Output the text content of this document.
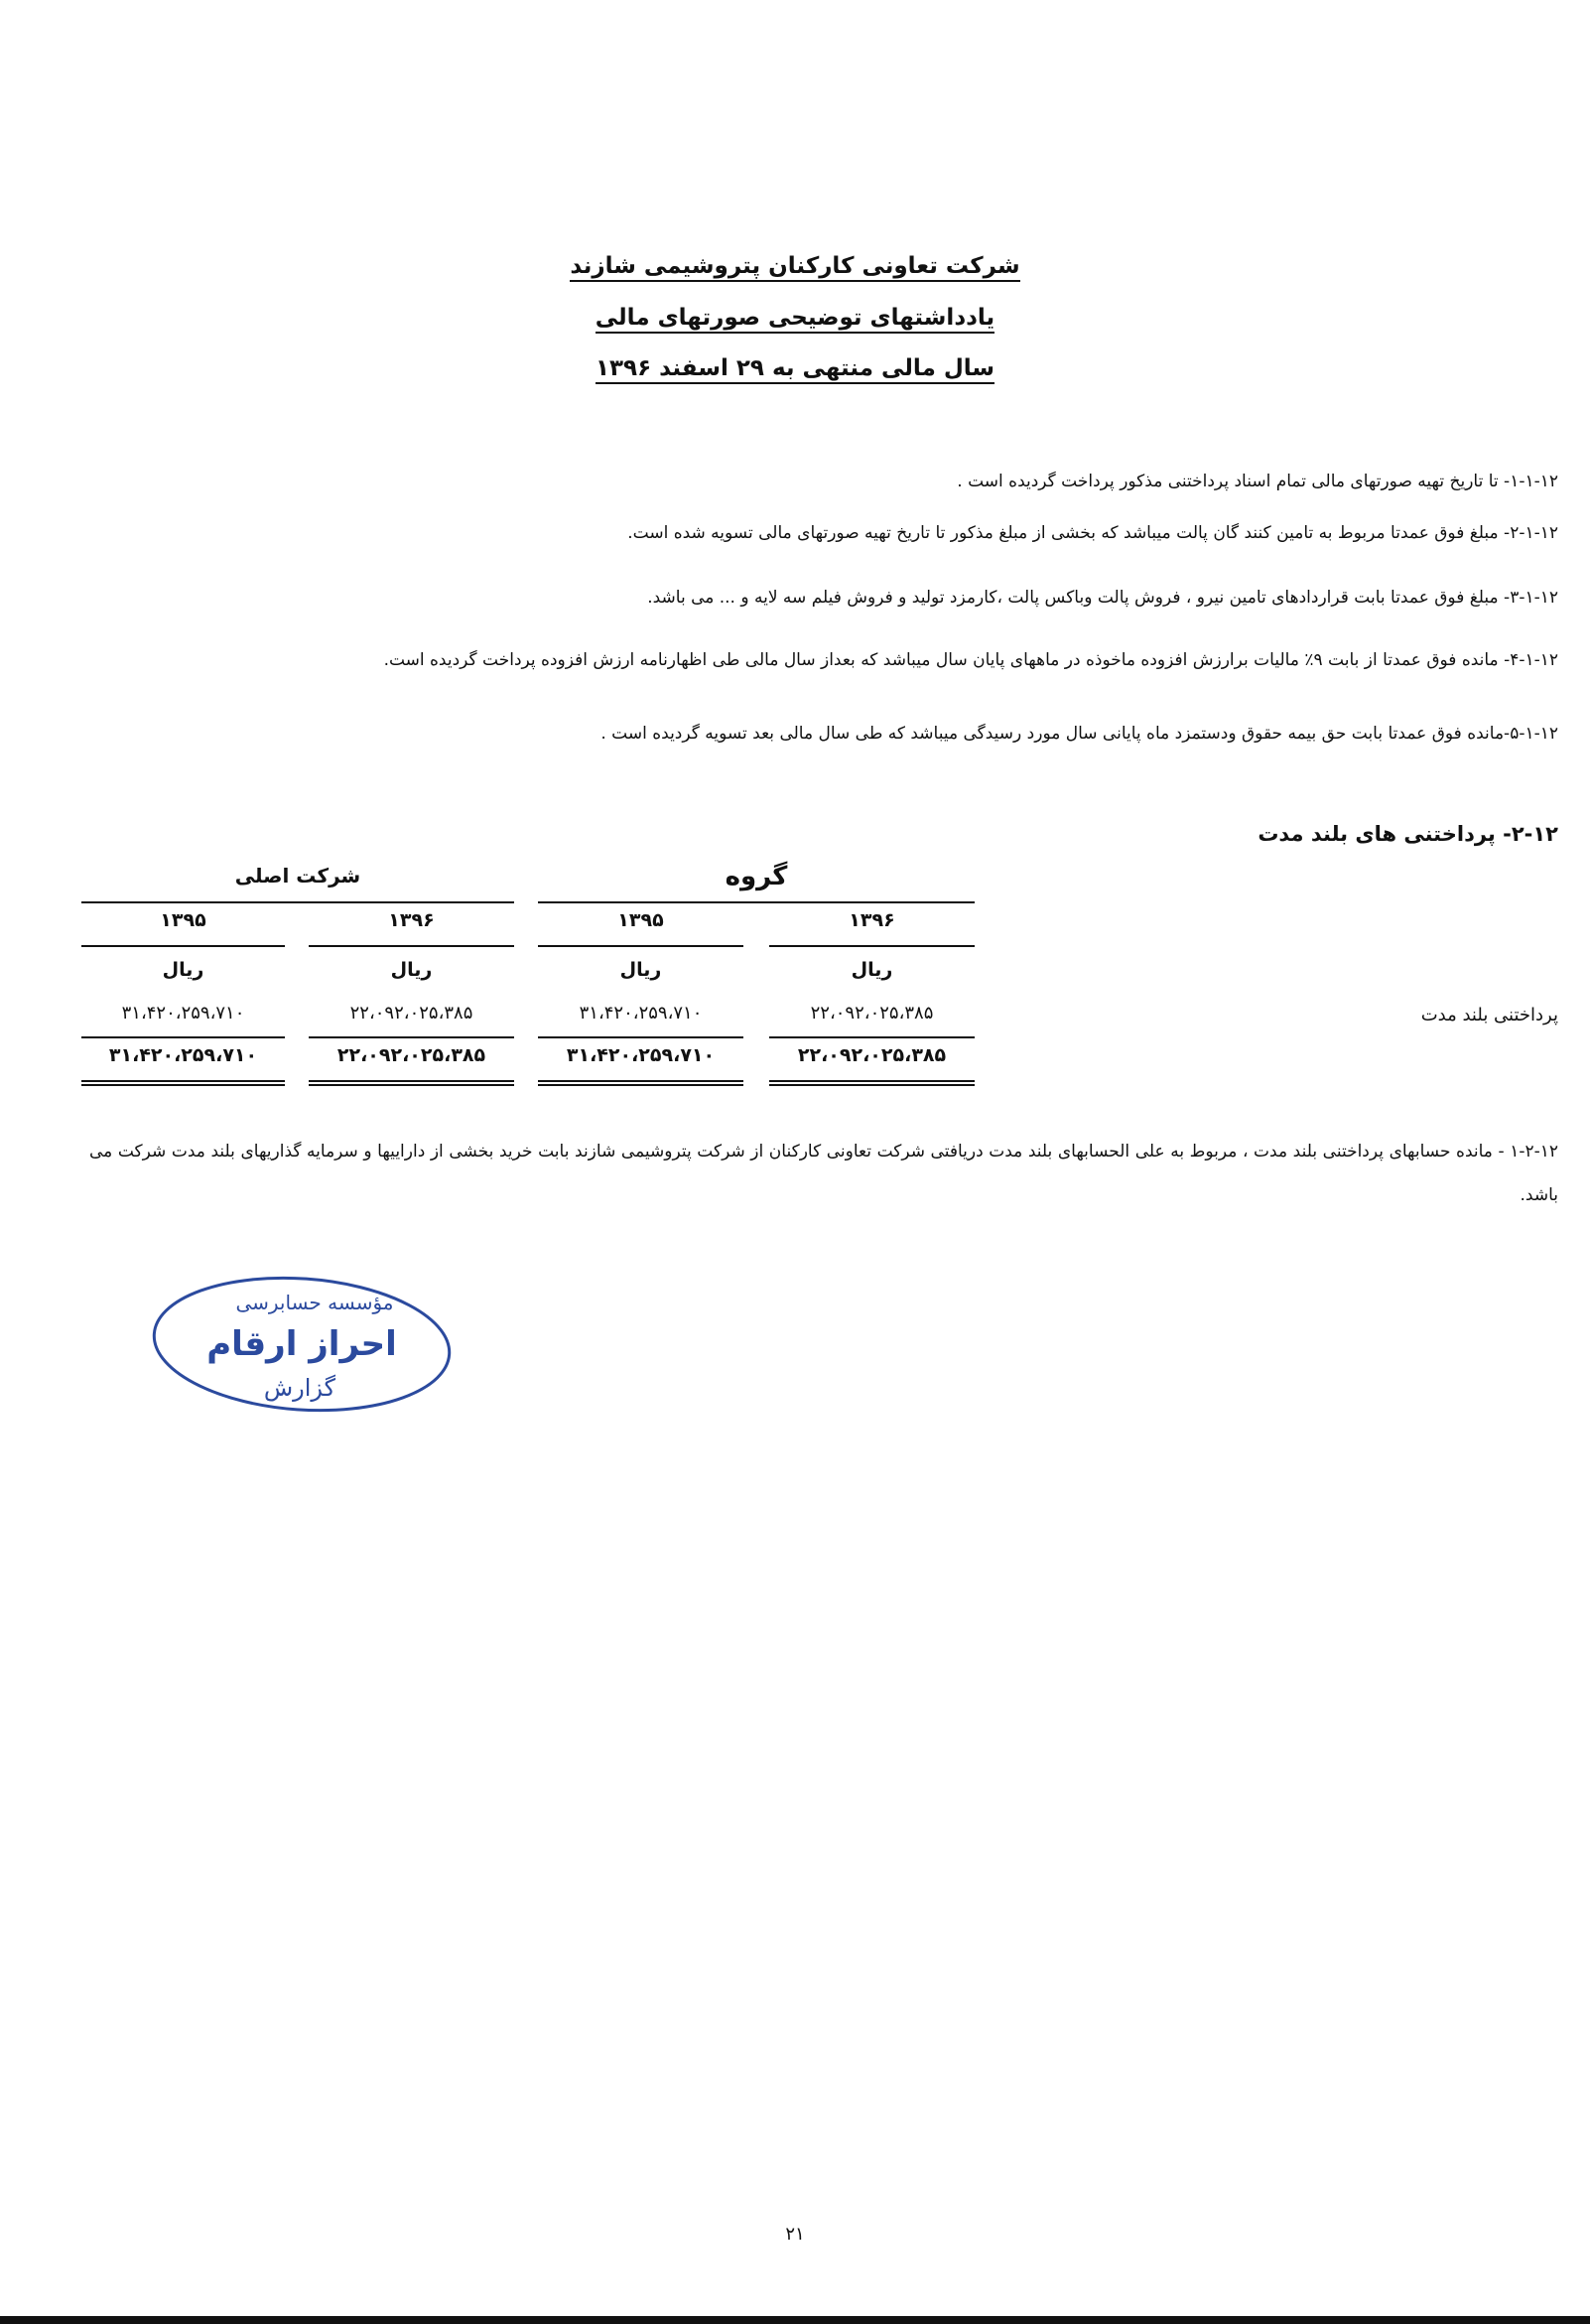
شرکت تعاونی کارکنان پتروشیمی شازند
یادداشتهای توضیحی صورتهای مالی
سال مالی منتهی به ۲۹ اسفند ۱۳۹۶
۱-۱-۱۲- تا تاریخ تهیه صورتهای مالی تمام اسناد پرداختنی مذکور پرداخت گردیده است .
۲-۱-۱۲- مبلغ فوق عمدتا مربوط به تامین کنند گان پالت میباشد که بخشی از مبلغ مذکور تا تاریخ تهیه صورتهای مالی تسویه شده است.
۳-۱-۱۲- مبلغ فوق عمدتا بابت قراردادهای تامین نیرو ، فروش پالت وباکس پالت ،کارمزد تولید و فروش فیلم سه لایه و ... می باشد.
۴-۱-۱۲- مانده فوق عمدتا از بابت ۹٪ مالیات برارزش افزوده ماخوذه در ماههای پایان سال میباشد که بعداز سال مالی طی اظهارنامه ارزش افزوده پرداخت گردیده است.
۵-۱-۱۲-مانده فوق عمدتا بابت حق بیمه حقوق ودستمزد ماه پایانی سال مورد رسیدگی میباشد که طی سال مالی بعد تسویه گردیده است .
۲-۱۲- پرداختنی های بلند مدت
گروه
شرکت اصلی
۱۳۹۶
۱۳۹۵
۱۳۹۶
۱۳۹۵
ریال
ریال
ریال
ریال
پرداختنی بلند مدت
۲۲،۰۹۲،۰۲۵،۳۸۵
۳۱،۴۲۰،۲۵۹،۷۱۰
۲۲،۰۹۲،۰۲۵،۳۸۵
۳۱،۴۲۰،۲۵۹،۷۱۰
۲۲،۰۹۲،۰۲۵،۳۸۵
۳۱،۴۲۰،۲۵۹،۷۱۰
۲۲،۰۹۲،۰۲۵،۳۸۵
۳۱،۴۲۰،۲۵۹،۷۱۰
۱-۲-۱۲ - مانده حسابهای پرداختنی بلند مدت ، مربوط به علی الحسابهای بلند مدت دریافتی شرکت تعاونی کارکنان از شرکت پتروشیمی شازند بابت خرید بخشی از داراییها و سرمایه گذاریهای بلند مدت شرکت می باشد.
مؤسسه حسابرسی
احراز ارقام
گزارش
۲۱
